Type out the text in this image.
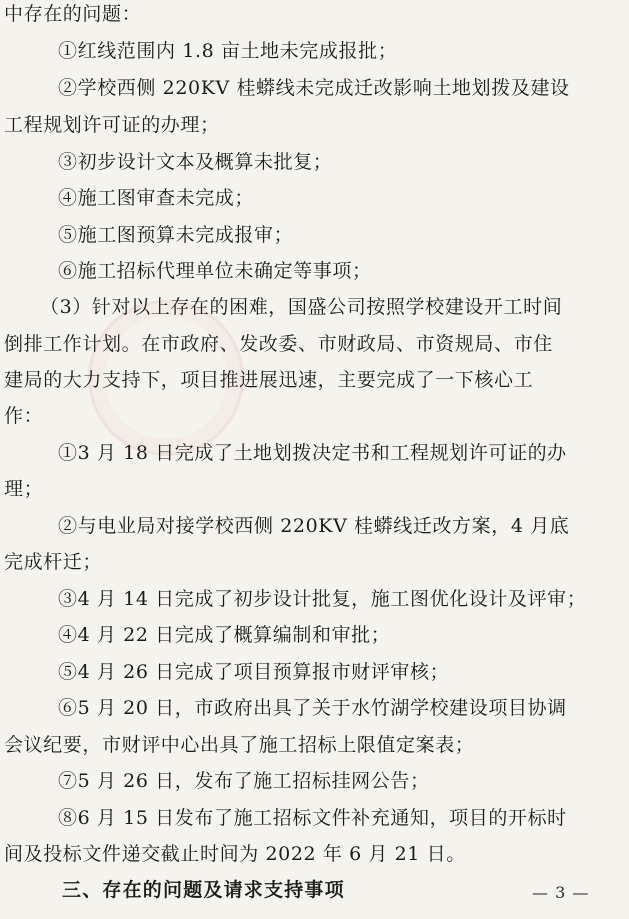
中存在的问题：
①红线范围内 1.8 亩土地未完成报批；
②学校西侧 220KV 桂蟒线未完成迁改影响土地划拨及建设
工程规划许可证的办理；
③初步设计文本及概算未批复；
④施工图审查未完成；
⑤施工图预算未完成报审；
⑥施工招标代理单位未确定等事项；
（3）针对以上存在的困难，国盛公司按照学校建设开工时间
倒排工作计划。在市政府、发改委、市财政局、市资规局、市住
建局的大力支持下，项目推进展迅速，主要完成了一下核心工
作：
①3 月 18 日完成了土地划拨决定书和工程规划许可证的办
理；
②与电业局对接学校西侧 220KV 桂蟒线迁改方案，4 月底
完成杆迁；
③4 月 14 日完成了初步设计批复，施工图优化设计及评审；
④4 月 22 日完成了概算编制和审批；
⑤4 月 26 日完成了项目预算报市财评审核；
⑥5 月 20 日，市政府出具了关于水竹湖学校建设项目协调
会议纪要，市财评中心出具了施工招标上限值定案表；
⑦5 月 26 日，发布了施工招标挂网公告；
⑧6 月 15 日发布了施工招标文件补充通知，项目的开标时
间及投标文件递交截止时间为 2022 年 6 月 21 日。
三、存在的问题及请求支持事项	— 3 —
